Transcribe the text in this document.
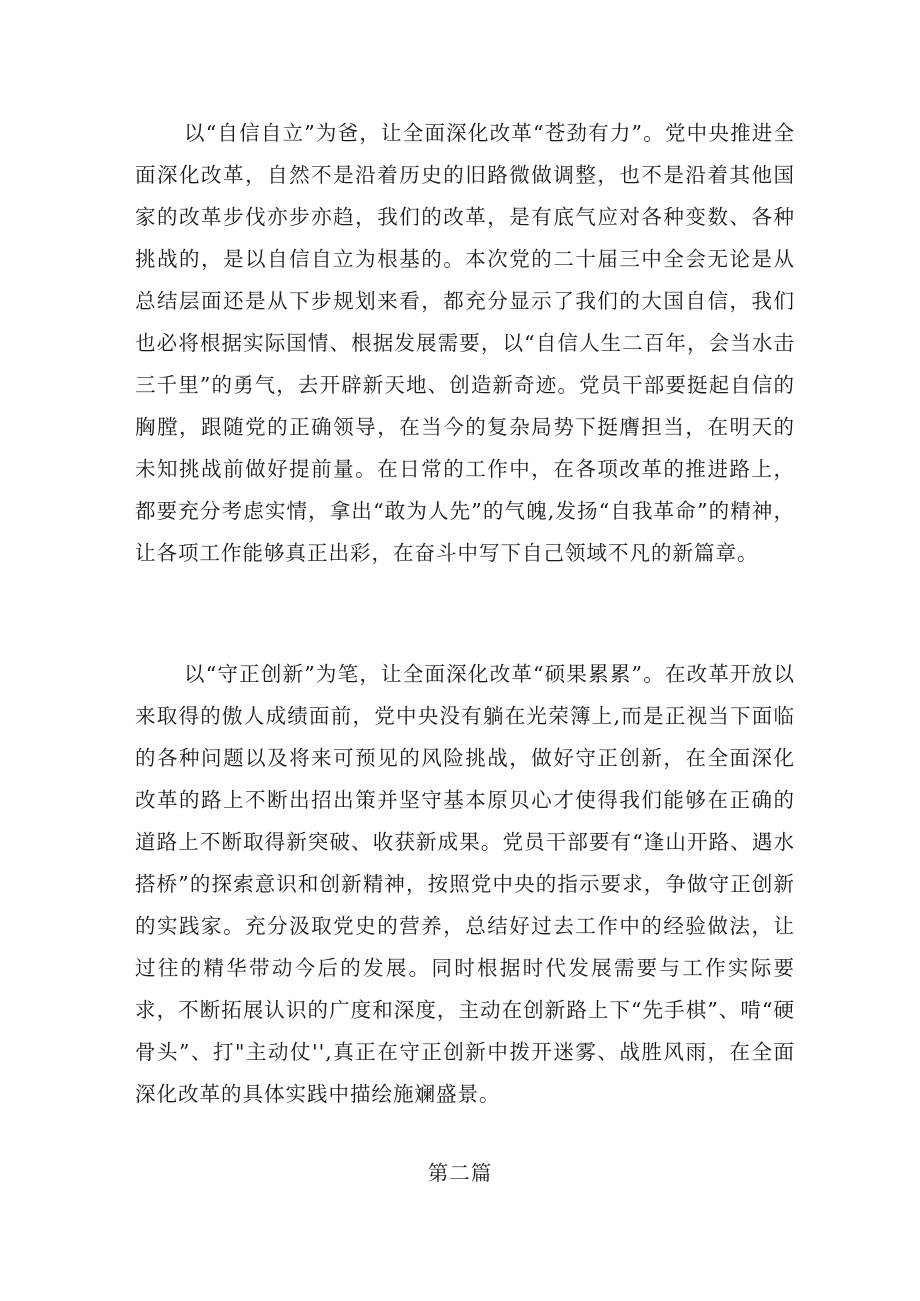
以“自信自立”为爸，让全面深化改革“苍劲有力”。党中央推进全面深化改革，自然不是沿着历史的旧路微做调整，也不是沿着其他国家的改革步伐亦步亦趋，我们的改革，是有底气应对各种变数、各种挑战的，是以自信自立为根基的。本次党的二十届三中全会无论是从总结层面还是从下步规划来看，都充分显示了我们的大国自信，我们也必将根据实际国情、根据发展需要，以“自信人生二百年，会当水击三千里”的勇气，去开辟新天地、创造新奇迹。党员干部要挺起自信的胸膛，跟随党的正确领导，在当今的复杂局势下挺膺担当，在明天的未知挑战前做好提前量。在日常的工作中，在各项改革的推进路上，都要充分考虑实情，拿出“敢为人先”的气魄,发扬“自我革命”的精神，让各项工作能够真正出彩，在奋斗中写下自己领域不凡的新篇章。

以“守正创新”为笔，让全面深化改革“硕果累累”。在改革开放以来取得的傲人成绩面前，党中央没有躺在光荣簿上,而是正视当下面临的各种问题以及将来可预见的风险挑战，做好守正创新，在全面深化改革的路上不断出招出策并坚守基本原贝心才使得我们能够在正确的道路上不断取得新突破、收获新成果。党员干部要有“逢山开路、遇水搭桥”的探索意识和创新精神，按照党中央的指示要求，争做守正创新的实践家。充分汲取党史的营养，总结好过去工作中的经验做法，让过往的精华带动今后的发展。同时根据时代发展需要与工作实际要求，不断拓展认识的广度和深度，主动在创新路上下“先手棋”、啃“硬骨头”、打"主动仗'',真正在守正创新中拨开迷雾、战胜风雨，在全面深化改革的具体实践中描绘施斓盛景。

第二篇
